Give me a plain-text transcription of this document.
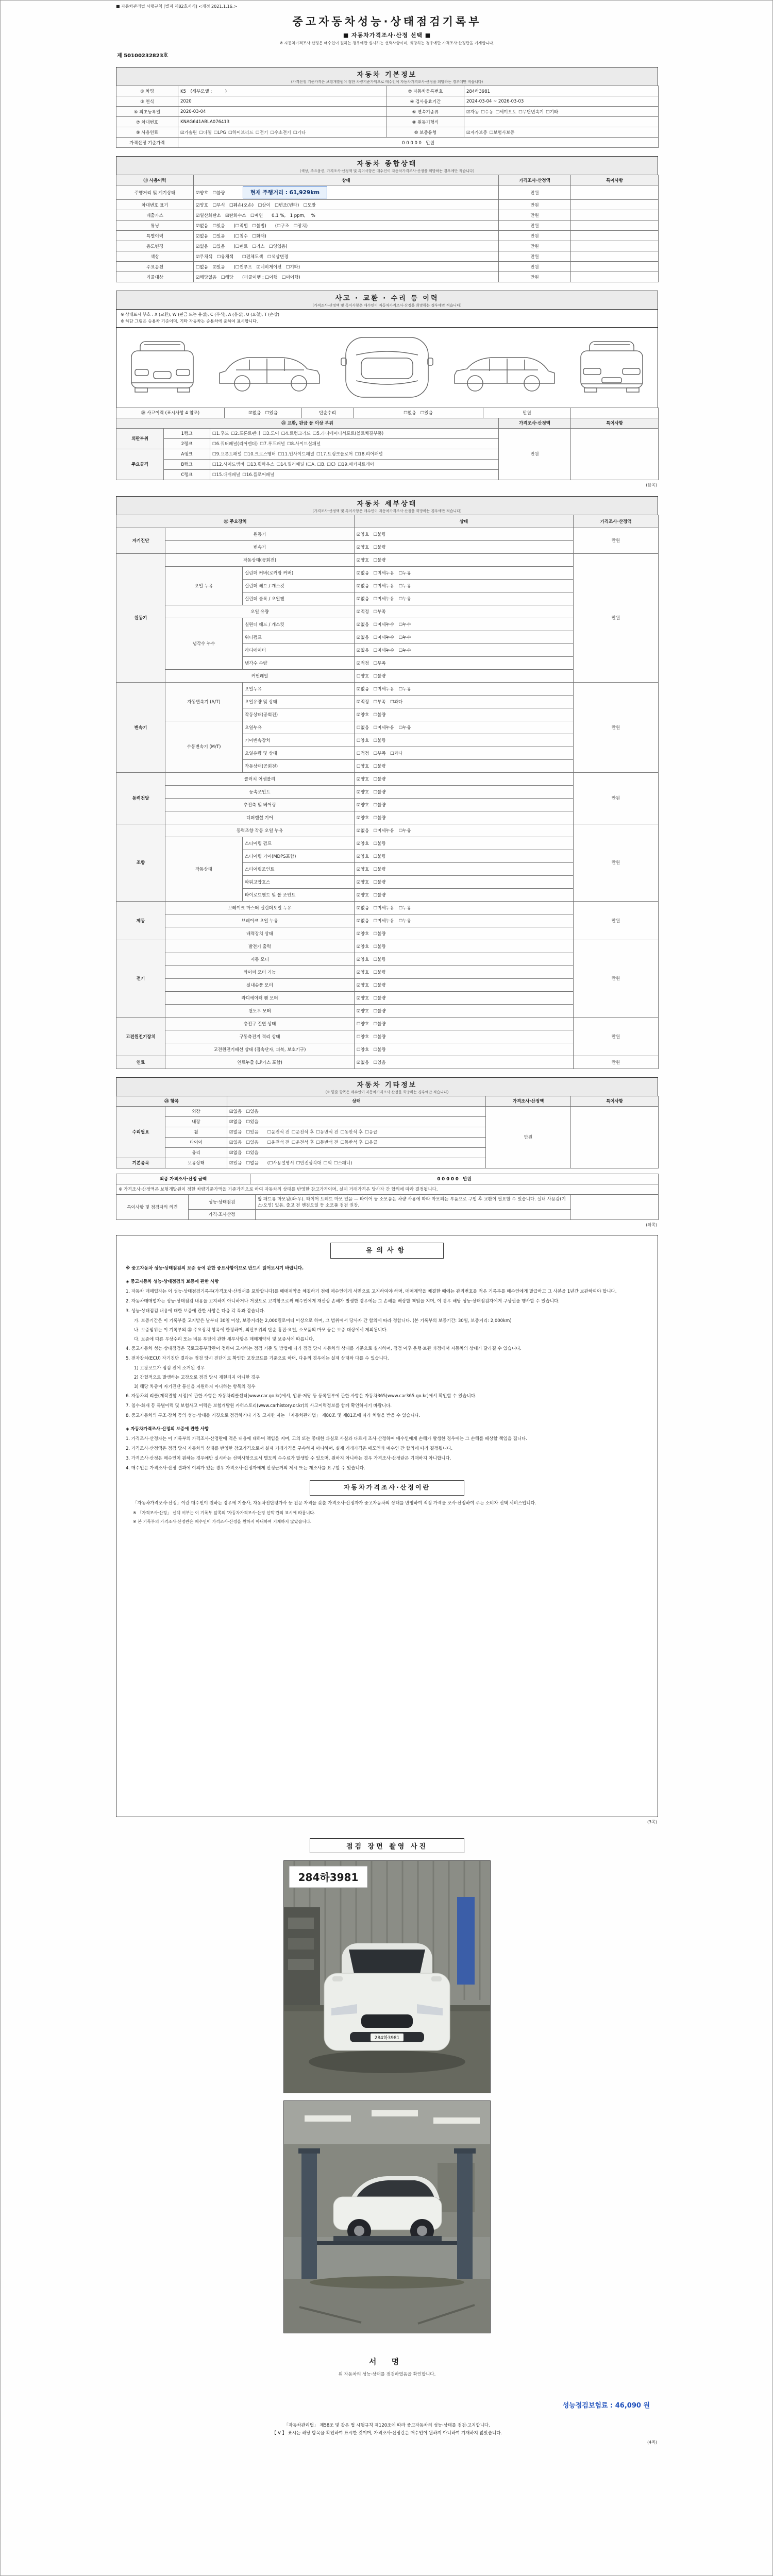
■ 자동차관리법 시행규칙 [별지 제82호서식] <개정 2021.1.16.>
중고자동차성능·상태점검기록부
■ 자동차가격조사·산정 선택 ■
※ 자동차가격조사·산정은 매수인이 원하는 경우에만 실시하는 선택사항이며, 희망하는 경우에만 가격조사·산정란을 기재합니다.
제 50100232823호
자동차 기본정보
(가격산정 기준가격은 보험개발원이 정한 차량기준가액으로 매수인이 자동차가격조사·산정을 희망하는 경우에만 적습니다)
① 차명	K5 (세부모델 :　　　)	② 자동차등록번호	284하3981
③ 연식	2020	④ 검사유효기간	2024-03-04 ~ 2026-03-03
⑤ 최초등록일	2020-03-04	⑥ 변속기종류	☑자동 ☐수동 ☐세미오토 ☐무단변속기 ☐기타
⑦ 차대번호	KNAG641ABLA076413	⑧ 원동기형식	
⑨ 사용연료	☑가솔린 ☐디젤 ☐LPG ☐하이브리드 ☐전기 ☐수소전기 ☐기타	⑩ 보증유형	☑자가보증 ☐보험사보증
가격산정 기준가격	0 0 0 0 0 만원		
자동차 종합상태
(색상, 주요옵션, 가격조사·산정액 및 특이사항은 매수인이 자동차가격조사·산정을 희망하는 경우에만 적습니다)
⑪ 사용이력	상태	가격조사·산정액	특이사항
주행거리 및 계기상태	☑양호 ☐불량 현재 주행거리 : 61,929km	만원	
차대번호 표기	☑양호 ☐부식 ☐훼손(오손) ☐상이 ☐변조(변타) ☐도말	만원	
배출가스	☑일산화탄소 ☑탄화수소 ☐매연  0.1 %, 1 ppm,  %	만원	
튜닝	☑없음 ☐있음  (☐적법 ☐불법)  (☐구조 ☐장치)	만원	
특별이력	☑없음 ☐있음  (☐침수 ☐화재)	만원	
용도변경	☑없음 ☐있음  (☐렌트 ☐리스 ☐영업용)	만원	
색상	☑무채색 ☐유채색  ☐전체도색 ☐색상변경	만원	
주요옵션	☐없음 ☑있음  (☐썬루프 ☑네비게이션 ☐기타)	만원	
리콜대상	☑해당없음 ☐해당  (리콜이행 : ☐이행 ☐미이행)	만원	
사고 · 교환 · 수리 등 이력
(가격조사·산정액 및 특이사항은 매수인이 자동차가격조사·산정을 희망하는 경우에만 적습니다)
※ 상태표시 부호 : X (교환), W (판금 또는 용접), C (부식), A (흠집), U (요철), T (손상)
※ 하단 그림은 승용차 기준이며, 기타 자동차는 승용차에 준하여 표시합니다.
⑳ 사고이력 (표시사항 4 참조)	☑없음 ☐있음	단순수리	☐없음 ☐있음	만원	
㉑ 교환, 판금 등 이상 부위			가격조사·산정액	특이사항
외판부위	1랭크	☐1.후드 ☐2.프론트펜더 ☐3.도어 ☐4.트렁크리드 ☐5.라디에이터서포트(볼트체결부품)	만원	
	2랭크	☐6.쿼터패널(리어펜더) ☐7.루프패널 ☐8.사이드실패널		
주요골격	A랭크	☐9.프론트패널 ☐10.크로스멤버 ☐11.인사이드패널 ☐17.트렁크플로어 ☐18.리어패널		
	B랭크	☐12.사이드멤버 ☐13.휠하우스 ☐14.필러패널 (☐A, ☐B, ☐C) ☐19.패키지트레이		
	C랭크	☐15.대쉬패널 ☐16.플로어패널		
(앞쪽)
자동차 세부상태
(가격조사·산정액 및 특이사항은 매수인이 자동차가격조사·산정을 희망하는 경우에만 적습니다)
㉒ 주요장치			상태	가격조사·산정액
자기진단	원동기		☑양호 ☐불량	만원
	변속기		☑양호 ☐불량	
원동기	작동상태(공회전)		☑양호 ☐불량	만원
	오일 누유	실린더 커버(로커암 커버)	☑없음 ☐미세누유 ☐누유	
		실린더 헤드 / 개스킷	☑없음 ☐미세누유 ☐누유	
		실린더 블록 / 오일팬	☑없음 ☐미세누유 ☐누유	
	오일 유량		☑적정 ☐부족	
	냉각수 누수	실린더 헤드 / 개스킷	☑없음 ☐미세누수 ☐누수	
		워터펌프	☑없음 ☐미세누수 ☐누수	
		라디에이터	☑없음 ☐미세누수 ☐누수	
		냉각수 수량	☑적정 ☐부족	
	커먼레일		☐양호 ☐불량	
변속기	자동변속기 (A/T)	오일누유	☑없음 ☐미세누유 ☐누유	만원
		오일유량 및 상태	☑적정 ☐부족 ☐과다	
		작동상태(공회전)	☑양호 ☐불량	
	수동변속기 (M/T)	오일누유	☐없음 ☐미세누유 ☐누유	
		기어변속장치	☐양호 ☐불량	
		오일유량 및 상태	☐적정 ☐부족 ☐과다	
		작동상태(공회전)	☐양호 ☐불량	
동력전달	클러치 어셈블리		☑양호 ☐불량	만원
	등속조인트		☑양호 ☐불량	
	추진축 및 베어링		☑양호 ☐불량	
	디퍼렌셜 기어		☑양호 ☐불량	
조향	동력조향 작동 오일 누유		☑없음 ☐미세누유 ☐누유	만원
	작동상태	스티어링 펌프	☑양호 ☐불량	
		스티어링 기어(MDPS포함)	☑양호 ☐불량	
		스티어링조인트	☑양호 ☐불량	
		파워고압호스	☑양호 ☐불량	
		타이로드엔드 및 볼 조인트	☑양호 ☐불량	
제동	브레이크 마스터 실린더오일 누유		☑없음 ☐미세누유 ☐누유	만원
	브레이크 오일 누유		☑없음 ☐미세누유 ☐누유	
	배력장치 상태		☑양호 ☐불량	
전기	발전기 출력		☑양호 ☐불량	만원
	시동 모터		☑양호 ☐불량	
	와이퍼 모터 기능		☑양호 ☐불량	
	실내송풍 모터		☑양호 ☐불량	
	라디에이터 팬 모터		☑양호 ☐불량	
	윈도우 모터		☑양호 ☐불량	
고전원전기장치	충전구 절연 상태		☐양호 ☐불량	만원
	구동축전지 격리 상태		☐양호 ☐불량	
	고전원전기배선 상태 (접속단자, 피복, 보호기구)		☐양호 ☐불량	
연료	연료누출 (LP가스 포함)		☑없음 ☐있음	만원
자동차 기타정보
(※ 밑줄 항목은 매수인이 자동차가격조사·산정을 희망하는 경우에만 적습니다)
㉓ 항목		상태	가격조사·산정액	특이사항
수리필요	외장	☑없음 ☐있음	만원	
	내장	☑없음 ☐있음		
	휠	☑없음 ☐있음  ☐운전석 전 ☐운전석 후 ☐동반석 전 ☐동반석 후 ☐응급		
	타이어	☑없음 ☐있음  ☐운전석 전 ☐운전석 후 ☐동반석 전 ☐동반석 후 ☐응급		
	유리	☑없음 ☐있음		
기본품목	보유상태	☑있음 ☐없음  (☐사용설명서 ☐안전삼각대 ☐잭 ☐스패너)		
최종 가격조사·산정 금액	0 0 0 0 0 만원
※ 가격조사·산정액은 보험개발원이 정한 차량기준가액을 기준가격으로 하여 자동차의 상태를 반영한 참고가격이며, 실제 거래가격은 당사자 간 합의에 따라 결정됩니다.
특이사항 및 점검자의 의견	성능·상태점검	앞 패드류 마모됨(좌·우). 타이어 트레드 마모 있음 — 타이어 등 소모품은 차량 사용에 따라 마모되는 부품으로 구입 후 교환이 필요할 수 있습니다. 실내 사용감(기스·오염) 있음. 출고 전 엔진오일 등 소모품 점검 권장.	
	가격·조사산정		
(뒤쪽)
유의사항
※ 중고자동차 성능·상태점검의 보증 등에 관한 중요사항이므로 반드시 읽어보시기 바랍니다.
◈ 중고자동차 성능·상태점검의 보증에 관한 사항
1. 자동차 매매업자는 이 성능·상태점검기록부(가격조사·산정서를 포함합니다)를 매매계약을 체결하기 전에 매수인에게 서면으로 고지하여야 하며, 매매계약을 체결한 때에는 관리번호를 적은 기록부를 매수인에게 발급하고 그 사본을 1년간 보관하여야 합니다.
2. 자동차매매업자는 성능·상태점검 내용을 고지하지 아니하거나 거짓으로 고지함으로써 매수인에게 재산상 손해가 발생한 경우에는 그 손해를 배상할 책임을 지며, 이 경우 해당 성능·상태점검자에게 구상권을 행사할 수 있습니다.
3. 성능·상태점검 내용에 대한 보증에 관한 사항은 다음 각 목과 같습니다.
가. 보증기간은 이 기록부를 고지받은 날부터 30일 이상, 보증거리는 2,000킬로미터 이상으로 하며, 그 범위에서 당사자 간 합의에 따라 정합니다. (본 기록부의 보증기간: 30일, 보증거리: 2,000km)
나. 보증범위는 이 기록부의 ㉒ 주요장치 항목에 한정하며, 외판부위의 단순 흠집·요철, 소모품의 마모 등은 보증 대상에서 제외됩니다.
다. 보증에 따른 무상수리 또는 비용 부담에 관한 세부사항은 매매계약서 및 보증서에 따릅니다.
4. 중고자동차 성능·상태점검은 국토교통부장관이 정하여 고시하는 점검 기준 및 방법에 따라 점검 당시 자동차의 상태를 기준으로 실시하며, 점검 이후 운행·보관 과정에서 자동차의 상태가 달라질 수 있습니다.
5. 전자장치(ECU) 자기진단 결과는 점검 당시 진단기로 확인한 고장코드를 기준으로 하며, 다음의 경우에는 실제 상태와 다를 수 있습니다.
1) 고장코드가 점검 전에 소거된 경우
2) 간헐적으로 발생하는 고장으로 점검 당시 재현되지 아니한 경우
3) 해당 차종이 자기진단 통신을 지원하지 아니하는 항목의 경우
6. 자동차의 리콜(제작결함 시정)에 관한 사항은 자동차리콜센터(www.car.go.kr)에서, 압류·저당 등 등록원부에 관한 사항은 자동차365(www.car365.go.kr)에서 확인할 수 있습니다.
7. 침수·화재 등 특별이력 및 보험사고 이력은 보험개발원 카히스토리(www.carhistory.or.kr)의 사고이력정보를 함께 확인하시기 바랍니다.
8. 중고자동차의 구조·장치 등의 성능·상태를 거짓으로 점검하거나 거짓 고지한 자는 「자동차관리법」 제80조 및 제81조에 따라 처벌을 받을 수 있습니다.
◈ 자동차가격조사·산정의 보증에 관한 사항
1. 가격조사·산정자는 이 기록부의 가격조사·산정란에 적은 내용에 대하여 책임을 지며, 고의 또는 중대한 과실로 사실과 다르게 조사·산정하여 매수인에게 손해가 발생한 경우에는 그 손해를 배상할 책임을 집니다.
2. 가격조사·산정액은 점검 당시 자동차의 상태를 반영한 참고가격으로서 실제 거래가격을 구속하지 아니하며, 실제 거래가격은 매도인과 매수인 간 합의에 따라 결정됩니다.
3. 가격조사·산정은 매수인이 원하는 경우에만 실시하는 선택사항으로서 별도의 수수료가 발생할 수 있으며, 원하지 아니하는 경우 가격조사·산정란은 기재하지 아니합니다.
4. 매수인은 가격조사·산정 결과에 이의가 있는 경우 가격조사·산정자에게 산정근거의 제시 또는 재조사를 요구할 수 있습니다.
자동차가격조사·산정이란
「자동차가격조사·산정」이란 매수인이 원하는 경우에 기술사, 자동차진단평가사 등 전문 자격을 갖춘 가격조사·산정자가 중고자동차의 상태를 반영하여 적정 가격을 조사·산정하여 주는 소비자 선택 서비스입니다.
※ 「가격조사·산정」 선택 여부는 이 기록부 앞쪽의 '자동차가격조사·산정 선택'란의 표시에 따릅니다.
※ 본 기록부의 가격조사·산정란은 매수인이 가격조사·산정을 원하지 아니하여 기재하지 않았습니다.
(3쪽)
점검 장면 촬영 사진
284하3981
284하3981
서 명
위 자동차의 성능·상태를 점검하였음을 확인합니다.
성능점검보험료 : 46,090 원
「자동차관리법」 제58조 및 같은 법 시행규칙 제120조에 따라 중고자동차의 성능·상태를 점검·고지합니다.
【 V 】 표시는 해당 항목을 확인하여 표시한 것이며, 가격조사·산정란은 매수인이 원하지 아니하여 기재하지 않았습니다.
(4쪽)
